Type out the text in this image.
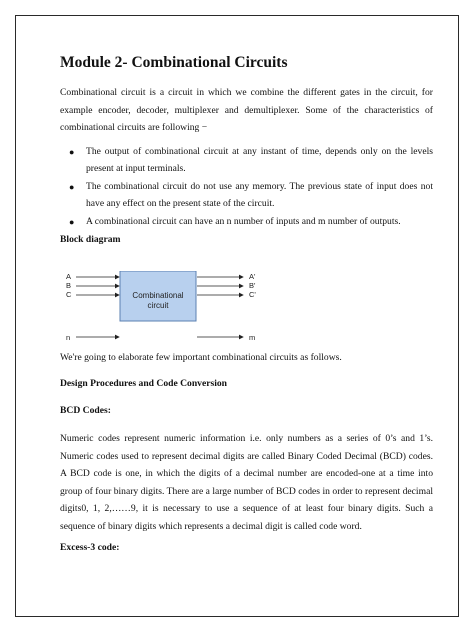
Module 2- Combinational Circuits
Combinational circuit is a circuit in which we combine the different gates in the circuit, for example encoder, decoder, multiplexer and demultiplexer. Some of the characteristics of combinational circuits are following −
● The output of combinational circuit at any instant of time, depends only on the levels present at input terminals.
● The combinational circuit do not use any memory. The previous state of input does not have any effect on the present state of the circuit.
● A combinational circuit can have an n number of inputs and m number of outputs.
Block diagram
Combinational
circuit
A
B
C
n
A'
B'
C'
m
We're going to elaborate few important combinational circuits as follows.
Design Procedures and Code Conversion
BCD Codes:
Numeric codes represent numeric information i.e. only numbers as a series of 0’s and 1’s. Numeric codes used to represent decimal digits are called Binary Coded Decimal (BCD) codes. A BCD code is one, in which the digits of a decimal number are encoded-one at a time into group of four binary digits. There are a large number of BCD codes in order to represent decimal digits0, 1, 2,……9, it is necessary to use a sequence of at least four binary digits. Such a sequence of binary digits which represents a decimal digit is called code word.
Excess-3 code:
